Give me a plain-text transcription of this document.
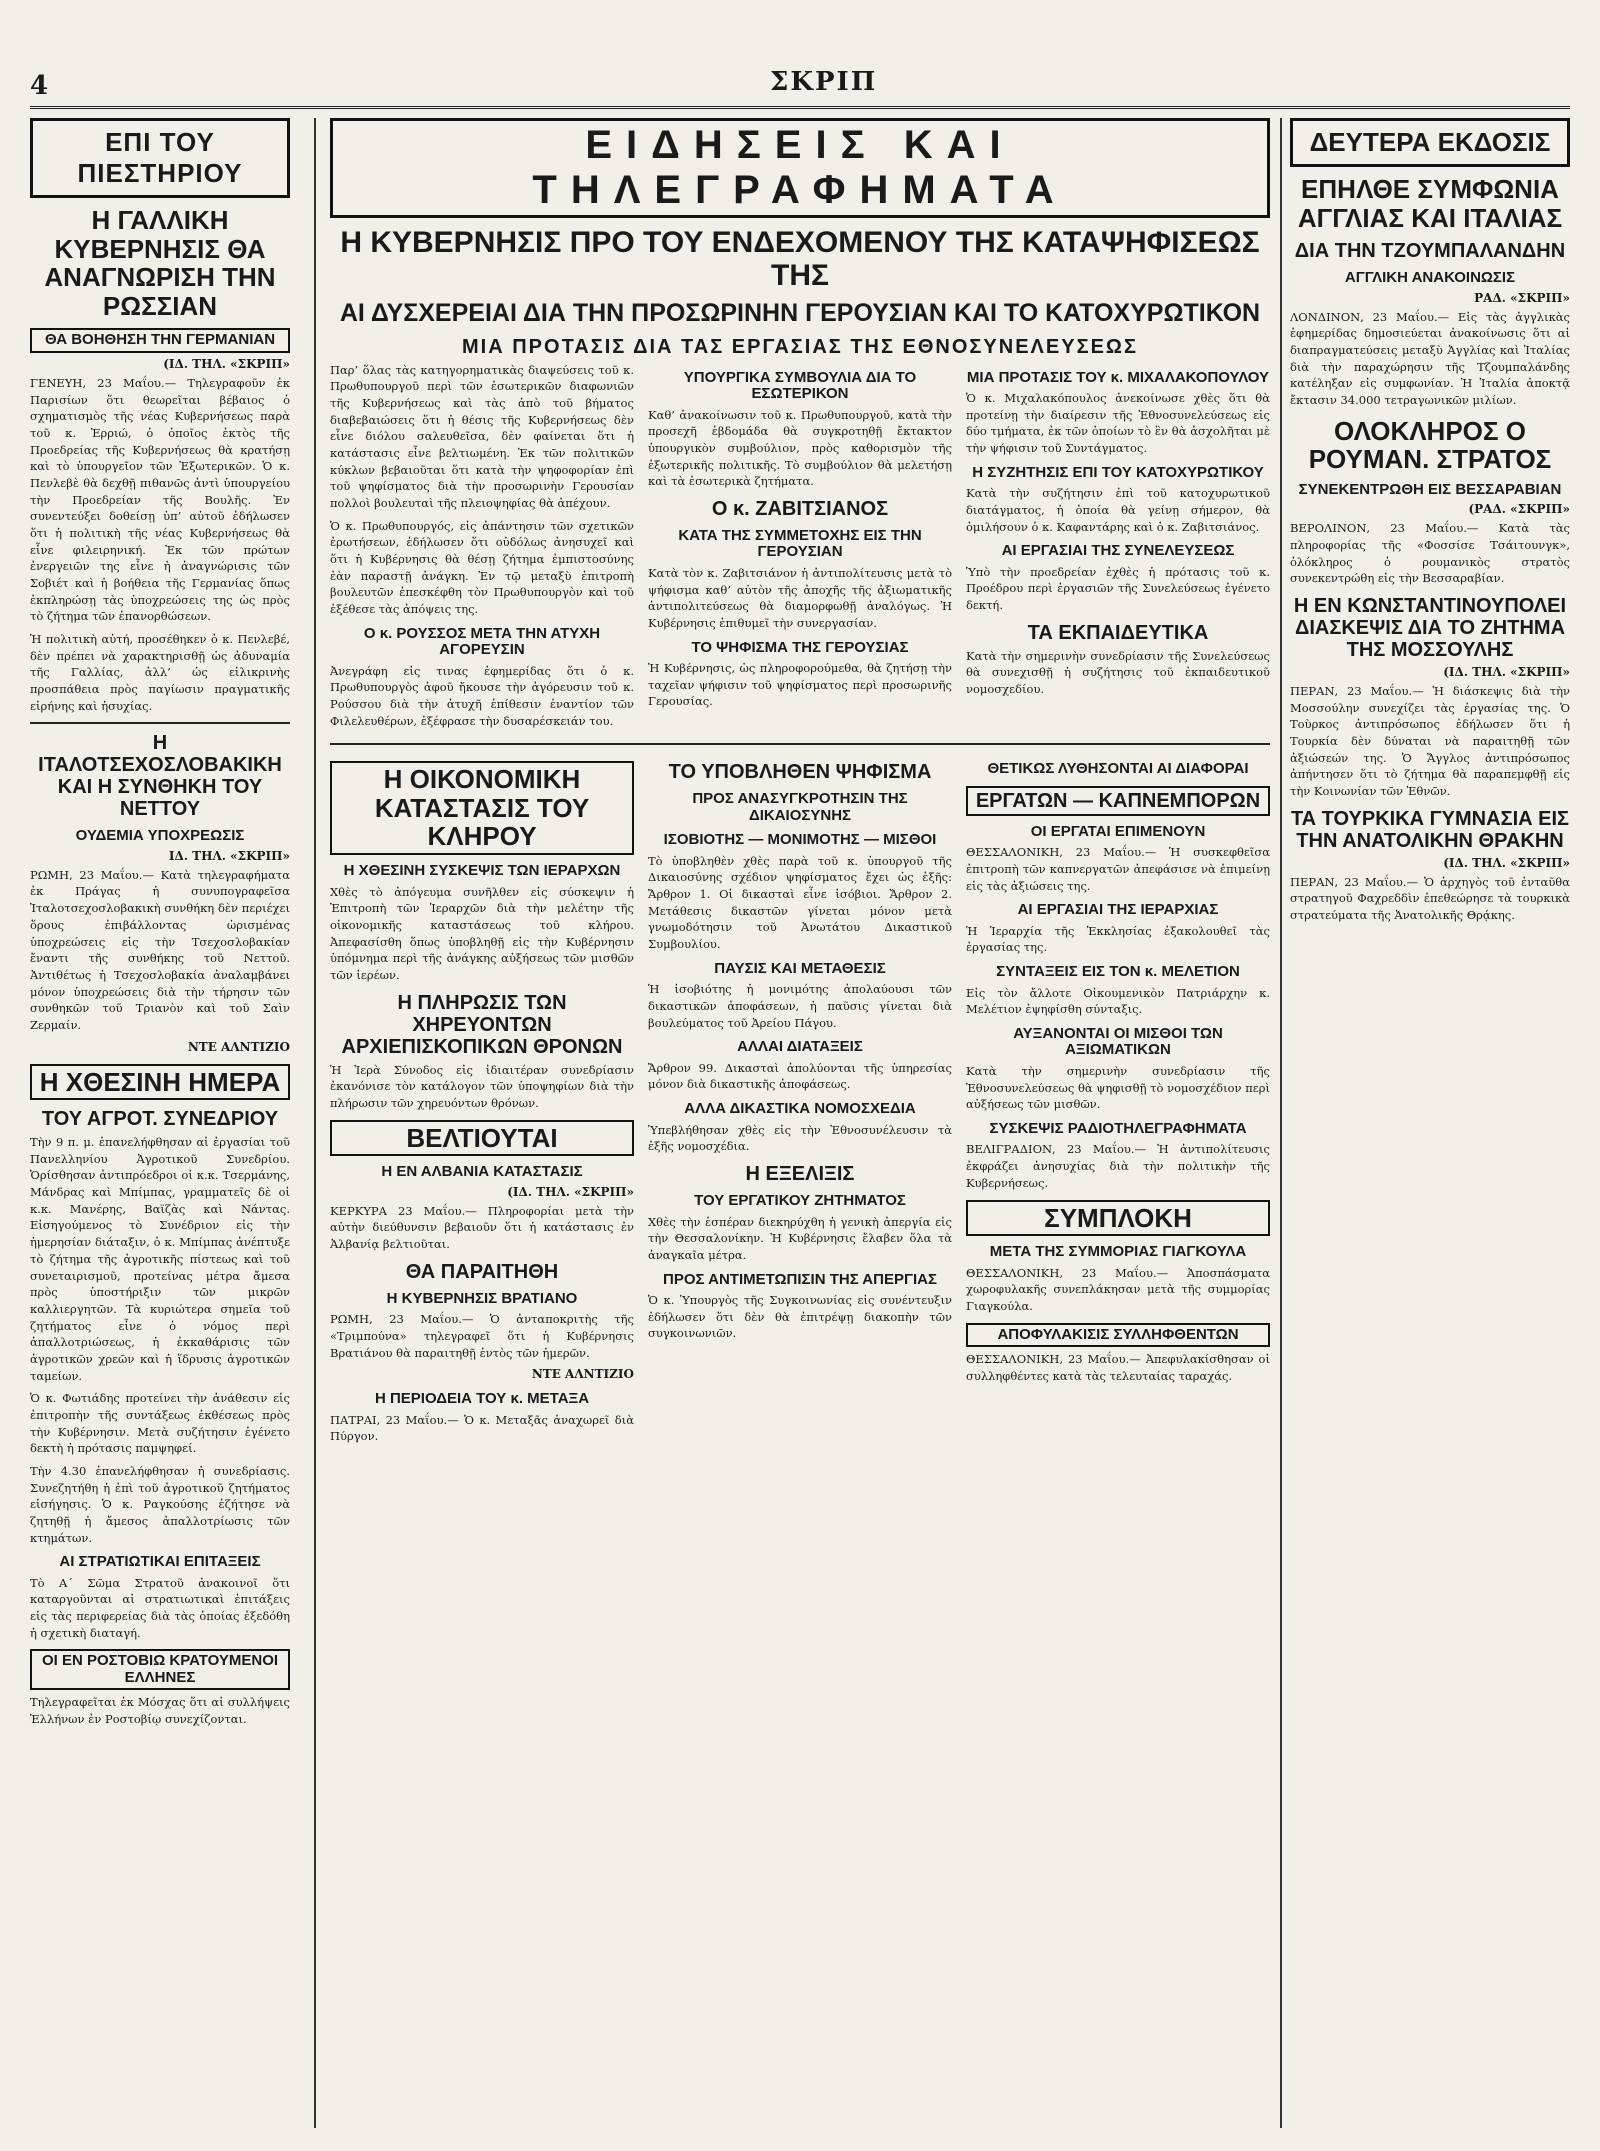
4	ΣΚΡΙΠ
ΕΠΙ ΤΟΥ ΠΙΕΣΤΗΡΙΟΥ
Η ΓΑΛΛΙΚΗ ΚΥΒΕΡΝΗΣΙΣ ΘΑ ΑΝΑΓΝΩΡΙΣΗ ΤΗΝ ΡΩΣΣΙΑΝ
ΘΑ ΒΟΗΘΗΣΗ ΤΗΝ ΓΕΡΜΑΝΙΑΝ
(ΙΔ. ΤΗΛ. «ΣΚΡΙΠ»

ΓΕΝΕΥΗ, 23 Μαΐου.— Τηλεγραφοῦν ἐκ Παρισίων ὅτι θεωρεῖται βέβαιος ὁ σχηματισμὸς τῆς νέας Κυβερνήσεως παρὰ τοῦ κ. Ἑρριώ, ὁ ὁποῖος ἐκτὸς τῆς Προεδρείας τῆς Κυβερνήσεως θὰ κρατήσῃ καὶ τὸ ὑπουργεῖον τῶν Ἐξωτερικῶν. Ὁ κ. Πενλεβὲ θὰ δεχθῇ πιθανῶς ἀντὶ ὑπουργείου τὴν Προεδρείαν τῆς Βουλῆς. Ἐν συνεντεύξει δοθείσῃ ὑπ’ αὐτοῦ ἐδήλωσεν ὅτι ἡ πολιτικὴ τῆς νέας Κυβερνήσεως θὰ εἶνε φιλειρηνική. Ἐκ τῶν πρώτων ἐνεργειῶν της εἶνε ἡ ἀναγνώρισις τῶν Σοβιέτ καὶ ἡ βοήθεια τῆς Γερμανίας ὅπως ἐκπληρώσῃ τὰς ὑποχρεώσεις της ὡς πρὸς τὸ ζήτημα τῶν ἐπανορθώσεων.

Ἡ πολιτικὴ αὐτή, προσέθηκεν ὁ κ. Πενλεβέ, δὲν πρέπει νὰ χαρακτηρισθῇ ὡς ἀδυναμία τῆς Γαλλίας, ἀλλ’ ὡς εἰλικρινὴς προσπάθεια πρὸς παγίωσιν πραγματικῆς εἰρήνης καὶ ἡσυχίας.

Η ΙΤΑΛΟΤΣΕΧΟΣΛΟΒΑΚΙΚΗ ΚΑΙ Η ΣΥΝΘΗΚΗ ΤΟΥ ΝΕΤΤΟΥ
ΟΥΔΕΜΙΑ ΥΠΟΧΡΕΩΣΙΣ
ΙΔ. ΤΗΛ. «ΣΚΡΙΠ»

ΡΩΜΗ, 23 Μαΐου.— Κατὰ τηλεγραφήματα ἐκ Πράγας ἡ συνυπογραφεῖσα Ἰταλοτσεχοσλοβακικὴ συνθήκη δὲν περιέχει ὅρους ἐπιβάλλοντας ὡρισμένας ὑποχρεώσεις εἰς τὴν Τσεχοσλοβακίαν ἔναντι τῆς συνθήκης τοῦ Νεττοῦ. Ἀντιθέτως ἡ Τσεχοσλοβακία ἀναλαμβάνει μόνον ὑποχρεώσεις διὰ τὴν τήρησιν τῶν συνθηκῶν τοῦ Τριανὸν καὶ τοῦ Σαὶν Ζερμαίν.

ΝΤΕ ΑΛΝΤΙΖΙΟ
Η ΧΘΕΣΙΝΗ ΗΜΕΡΑ
ΤΟΥ ΑΓΡΟΤ. ΣΥΝΕΔΡΙΟΥ

Τὴν 9 π. μ. ἐπανελήφθησαν αἱ ἐργασίαι τοῦ Πανελληνίου Ἀγροτικοῦ Συνεδρίου. Ὁρίσθησαν ἀντιπρόεδροι οἱ κ.κ. Τσερμάνης, Μάνδρας καὶ Μπίμπας, γραμματεῖς δὲ οἱ κ.κ. Μανέρης, Βαϊζὰς καὶ Νάντας. Εἰσηγούμενος τὸ Συνέδριον εἰς τὴν ἡμερησίαν διάταξιν, ὁ κ. Μπίμπας ἀνέπτυξε τὸ ζήτημα τῆς ἀγροτικῆς πίστεως καὶ τοῦ συνεταιρισμοῦ, προτείνας μέτρα ἄμεσα πρὸς ὑποστήριξιν τῶν μικρῶν καλλιεργητῶν. Τὰ κυριώτερα σημεῖα τοῦ ζητήματος εἶνε ὁ νόμος περὶ ἀπαλλοτριώσεως, ἡ ἐκκαθάρισις τῶν ἀγροτικῶν χρεῶν καὶ ἡ ἵδρυσις ἀγροτικῶν ταμείων.

Ὁ κ. Φωτιάδης προτείνει τὴν ἀνάθεσιν εἰς ἐπιτροπὴν τῆς συντάξεως ἐκθέσεως πρὸς τὴν Κυβέρνησιν. Μετὰ συζήτησιν ἐγένετο δεκτὴ ἡ πρότασις παμψηφεί.

Τὴν 4.30 ἐπανελήφθησαν ἡ συνεδρίασις. Συνεζητήθη ἡ ἐπὶ τοῦ ἀγροτικοῦ ζητήματος εἰσήγησις. Ὁ κ. Ραγκούσης ἐζήτησε νὰ ζητηθῇ ἡ ἄμεσος ἀπαλλοτρίωσις τῶν κτημάτων.

ΑΙ ΣΤΡΑΤΙΩΤΙΚΑΙ ΕΠΙΤΑΞΕΙΣ

Τὸ Α΄ Σῶμα Στρατοῦ ἀνακοινοῖ ὅτι καταργοῦνται αἱ στρατιωτικαὶ ἐπιτάξεις εἰς τὰς περιφερείας διὰ τὰς ὁποίας ἐξεδόθη ἡ σχετικὴ διαταγή.

ΟΙ ΕΝ ΡΟΣΤΟΒΙΩ ΚΡΑΤΟΥΜΕΝΟΙ ΕΛΛΗΝΕΣ

Τηλεγραφεῖται ἐκ Μόσχας ὅτι αἱ συλλήψεις Ἑλλήνων ἐν Ροστοβίῳ συνεχίζονται.

ΕΙΔΗΣΕΙΣ ΚΑΙ ΤΗΛΕΓΡΑΦΗΜΑΤΑ
Η ΚΥΒΕΡΝΗΣΙΣ ΠΡΟ ΤΟΥ ΕΝΔΕΧΟΜΕΝΟΥ ΤΗΣ ΚΑΤΑΨΗΦΙΣΕΩΣ ΤΗΣ
ΑΙ ΔΥΣΧΕΡΕΙΑΙ ΔΙΑ ΤΗΝ ΠΡΟΣΩΡΙΝΗΝ ΓΕΡΟΥΣΙΑΝ ΚΑΙ ΤΟ ΚΑΤΟΧΥΡΩΤΙΚΟΝ
ΜΙΑ ΠΡΟΤΑΣΙΣ ΔΙΑ ΤΑΣ ΕΡΓΑΣΙΑΣ ΤΗΣ ΕΘΝΟΣΥΝΕΛΕΥΣΕΩΣ

Παρ’ ὅλας τὰς κατηγορηματικὰς διαψεύσεις τοῦ κ. Πρωθυπουργοῦ περὶ τῶν ἐσωτερικῶν διαφωνιῶν τῆς Κυβερνήσεως καὶ τὰς ἀπὸ τοῦ βήματος διαβεβαιώσεις ὅτι ἡ θέσις τῆς Κυβερνήσεως δὲν εἶνε διόλου σαλευθεῖσα, δὲν φαίνεται ὅτι ἡ κατάστασις εἶνε βελτιωμένη. Ἐκ τῶν πολιτικῶν κύκλων βεβαιοῦται ὅτι κατὰ τὴν ψηφοφορίαν ἐπὶ τοῦ ψηφίσματος διὰ τὴν προσωρινὴν Γερουσίαν πολλοὶ βουλευταὶ τῆς πλειοψηφίας θὰ ἀπέχουν.

Ὁ κ. Πρωθυπουργός, εἰς ἀπάντησιν τῶν σχετικῶν ἐρωτήσεων, ἐδήλωσεν ὅτι οὐδόλως ἀνησυχεῖ καὶ ὅτι ἡ Κυβέρνησις θὰ θέσῃ ζήτημα ἐμπιστοσύνης ἐὰν παραστῇ ἀνάγκη. Ἐν τῷ μεταξὺ ἐπιτροπὴ βουλευτῶν ἐπεσκέφθη τὸν Πρωθυπουργὸν καὶ τοῦ ἐξέθεσε τὰς ἀπόψεις της.

Ο κ. ΡΟΥΣΣΟΣ ΜΕΤΑ ΤΗΝ ΑΤΥΧΗ ΑΓΟΡΕΥΣΙΝ

Ἀνεγράφη εἰς τινας ἐφημερίδας ὅτι ὁ κ. Πρωθυπουργὸς ἀφοῦ ἤκουσε τὴν ἀγόρευσιν τοῦ κ. Ρούσσου διὰ τὴν ἀτυχῆ ἐπίθεσιν ἐναντίον τῶν Φιλελευθέρων, ἐξέφρασε τὴν δυσαρέσκειάν του.

ΥΠΟΥΡΓΙΚΑ ΣΥΜΒΟΥΛΙΑ ΔΙΑ ΤΟ ΕΣΩΤΕΡΙΚΟΝ

Καθ’ ἀνακοίνωσιν τοῦ κ. Πρωθυπουργοῦ, κατὰ τὴν προσεχῆ ἑβδομάδα θὰ συγκροτηθῇ ἔκτακτον ὑπουργικὸν συμβούλιον, πρὸς καθορισμὸν τῆς ἐξωτερικῆς πολιτικῆς. Τὸ συμβούλιον θὰ μελετήσῃ καὶ τὰ ἐσωτερικὰ ζητήματα.

Ο κ. ΖΑΒΙΤΣΙΑΝΟΣ
ΚΑΤΑ ΤΗΣ ΣΥΜΜΕΤΟΧΗΣ ΕΙΣ ΤΗΝ ΓΕΡΟΥΣΙΑΝ

Κατὰ τὸν κ. Ζαβιτσιάνον ἡ ἀντιπολίτευσις μετὰ τὸ ψήφισμα καθ’ αὐτὸν τῆς ἀποχῆς τῆς ἀξιωματικῆς ἀντιπολιτεύσεως θὰ διαμορφωθῇ ἀναλόγως. Ἡ Κυβέρνησις ἐπιθυμεῖ τὴν συνεργασίαν.

ΤΟ ΨΗΦΙΣΜΑ ΤΗΣ ΓΕΡΟΥΣΙΑΣ

Ἡ Κυβέρνησις, ὡς πληροφορούμεθα, θὰ ζητήσῃ τὴν ταχεῖαν ψήφισιν τοῦ ψηφίσματος περὶ προσωρινῆς Γερουσίας.

ΜΙΑ ΠΡΟΤΑΣΙΣ ΤΟΥ κ. ΜΙΧΑΛΑΚΟΠΟΥΛΟΥ

Ὁ κ. Μιχαλακόπουλος ἀνεκοίνωσε χθὲς ὅτι θὰ προτείνῃ τὴν διαίρεσιν τῆς Ἐθνοσυνελεύσεως εἰς δύο τμήματα, ἐκ τῶν ὁποίων τὸ ἓν θὰ ἀσχολῆται μὲ τὴν ψήφισιν τοῦ Συντάγματος.

Η ΣΥΖΗΤΗΣΙΣ ΕΠΙ ΤΟΥ ΚΑΤΟΧΥΡΩΤΙΚΟΥ

Κατὰ τὴν συζήτησιν ἐπὶ τοῦ κατοχυρωτικοῦ διατάγματος, ἡ ὁποία θὰ γείνῃ σήμερον, θὰ ὁμιλήσουν ὁ κ. Καφαντάρης καὶ ὁ κ. Ζαβιτσιάνος.

ΑΙ ΕΡΓΑΣΙΑΙ ΤΗΣ ΣΥΝΕΛΕΥΣΕΩΣ

Ὑπὸ τὴν προεδρείαν ἐχθὲς ἡ πρότασις τοῦ κ. Προέδρου περὶ ἐργασιῶν τῆς Συνελεύσεως ἐγένετο δεκτή.

ΤΑ ΕΚΠΑΙΔΕΥΤΙΚΑ

Κατὰ τὴν σημερινὴν συνεδρίασιν τῆς Συνελεύσεως θὰ συνεχισθῇ ἡ συζήτησις τοῦ ἐκπαιδευτικοῦ νομοσχεδίου.

Η ΟΙΚΟΝΟΜΙΚΗ ΚΑΤΑΣΤΑΣΙΣ ΤΟΥ ΚΛΗΡΟΥ
Η ΧΘΕΣΙΝΗ ΣΥΣΚΕΨΙΣ ΤΩΝ ΙΕΡΑΡΧΩΝ

Χθὲς τὸ ἀπόγευμα συνῆλθεν εἰς σύσκεψιν ἡ Ἐπιτροπὴ τῶν Ἱεραρχῶν διὰ τὴν μελέτην τῆς οἰκονομικῆς καταστάσεως τοῦ κλήρου. Ἀπεφασίσθη ὅπως ὑποβληθῇ εἰς τὴν Κυβέρνησιν ὑπόμνημα περὶ τῆς ἀνάγκης αὐξήσεως τῶν μισθῶν τῶν ἱερέων.

Η ΠΛΗΡΩΣΙΣ ΤΩΝ ΧΗΡΕΥΟΝΤΩΝ ΑΡΧΙΕΠΙΣΚΟΠΙΚΩΝ ΘΡΟΝΩΝ

Ἡ Ἱερὰ Σύνοδος εἰς ἰδιαιτέραν συνεδρίασιν ἐκανόνισε τὸν κατάλογον τῶν ὑποψηφίων διὰ τὴν πλήρωσιν τῶν χηρευόντων θρόνων.

ΒΕΛΤΙΟΥΤΑΙ
Η ΕΝ ΑΛΒΑΝΙΑ ΚΑΤΑΣΤΑΣΙΣ
(ΙΔ. ΤΗΛ. «ΣΚΡΙΠ»

ΚΕΡΚΥΡΑ 23 Μαΐου.— Πληροφορίαι μετὰ τὴν αὐτὴν διεύθυνσιν βεβαιοῦν ὅτι ἡ κατάστασις ἐν Ἀλβανίᾳ βελτιοῦται.

ΘΑ ΠΑΡΑΙΤΗΘΗ
Η ΚΥΒΕΡΝΗΣΙΣ ΒΡΑΤΙΑΝΟ

ΡΩΜΗ, 23 Μαΐου.— Ὁ ἀνταποκριτὴς τῆς «Τριμπούνα» τηλεγραφεῖ ὅτι ἡ Κυβέρνησις Βρατιάνου θὰ παραιτηθῇ ἐντὸς τῶν ἡμερῶν.

ΝΤΕ ΑΛΝΤΙΖΙΟ
Η ΠΕΡΙΟΔΕΙΑ ΤΟΥ κ. ΜΕΤΑΞΑ

ΠΑΤΡΑΙ, 23 Μαΐου.— Ὁ κ. Μεταξᾶς ἀναχωρεῖ διὰ Πύργον.

ΤΟ ΥΠΟΒΛΗΘΕΝ ΨΗΦΙΣΜΑ
ΠΡΟΣ ΑΝΑΣΥΓΚΡΟΤΗΣΙΝ ΤΗΣ ΔΙΚΑΙΟΣΥΝΗΣ
ΙΣΟΒΙΟΤΗΣ — ΜΟΝΙΜΟΤΗΣ — ΜΙΣΘΟΙ

Τὸ ὑποβληθὲν χθὲς παρὰ τοῦ κ. ὑπουργοῦ τῆς Δικαιοσύνης σχέδιον ψηφίσματος ἔχει ὡς ἑξῆς: Ἄρθρον 1. Οἱ δικασταὶ εἶνε ἰσόβιοι. Ἄρθρον 2. Μετάθεσις δικαστῶν γίνεται μόνον μετὰ γνωμοδότησιν τοῦ Ἀνωτάτου Δικαστικοῦ Συμβουλίου.

ΠΑΥΣΙΣ ΚΑΙ ΜΕΤΑΘΕΣΙΣ

Ἡ ἰσοβιότης ἡ μονιμότης ἀπολαύουσι τῶν δικαστικῶν ἀποφάσεων, ἡ παῦσις γίνεται διὰ βουλεύματος τοῦ Ἀρείου Πάγου.

ΑΛΛΑΙ ΔΙΑΤΑΞΕΙΣ

Ἄρθρον 99. Δικασταὶ ἀπολύονται τῆς ὑπηρεσίας μόνον διὰ δικαστικῆς ἀποφάσεως.

ΑΛΛΑ ΔΙΚΑΣΤΙΚΑ ΝΟΜΟΣΧΕΔΙΑ

Ὑπεβλήθησαν χθὲς εἰς τὴν Ἐθνοσυνέλευσιν τὰ ἑξῆς νομοσχέδια.

Η ΕΞΕΛΙΞΙΣ
ΤΟΥ ΕΡΓΑΤΙΚΟΥ ΖΗΤΗΜΑΤΟΣ

Χθὲς τὴν ἑσπέραν διεκηρύχθη ἡ γενικὴ ἀπεργία εἰς τὴν Θεσσαλονίκην. Ἡ Κυβέρνησις ἔλαβεν ὅλα τὰ ἀναγκαῖα μέτρα.

ΠΡΟΣ ΑΝΤΙΜΕΤΩΠΙΣΙΝ ΤΗΣ ΑΠΕΡΓΙΑΣ

Ὁ κ. Ὑπουργὸς τῆς Συγκοινωνίας εἰς συνέντευξιν ἐδήλωσεν ὅτι δὲν θὰ ἐπιτρέψῃ διακοπὴν τῶν συγκοινωνιῶν.

ΘΕΤΙΚΩΣ ΛΥΘΗΣΟΝΤΑΙ ΑΙ ΔΙΑΦΟΡΑΙ
ΕΡΓΑΤΩΝ — ΚΑΠΝΕΜΠΟΡΩΝ
ΟΙ ΕΡΓΑΤΑΙ ΕΠΙΜΕΝΟΥΝ

ΘΕΣΣΑΛΟΝΙΚΗ, 23 Μαΐου.— Ἡ συσκεφθεῖσα ἐπιτροπὴ τῶν καπνεργατῶν ἀπεφάσισε νὰ ἐπιμείνῃ εἰς τὰς ἀξιώσεις της.

ΑΙ ΕΡΓΑΣΙΑΙ ΤΗΣ ΙΕΡΑΡΧΙΑΣ

Ἡ Ἱεραρχία τῆς Ἐκκλησίας ἐξακολουθεῖ τὰς ἐργασίας της.

ΣΥΝΤΑΞΕΙΣ ΕΙΣ ΤΟΝ κ. ΜΕΛΕΤΙΟΝ

Εἰς τὸν ἄλλοτε Οἰκουμενικὸν Πατριάρχην κ. Μελέτιον ἐψηφίσθη σύνταξις.

ΑΥΞΑΝΟΝΤΑΙ ΟΙ ΜΙΣΘΟΙ ΤΩΝ ΑΞΙΩΜΑΤΙΚΩΝ

Κατὰ τὴν σημερινὴν συνεδρίασιν τῆς Ἐθνοσυνελεύσεως θὰ ψηφισθῇ τὸ νομοσχέδιον περὶ αὐξήσεως τῶν μισθῶν.

ΣΥΣΚΕΨΙΣ ΡΑΔΙΟΤΗΛΕΓΡΑΦΗΜΑΤΑ

ΒΕΛΙΓΡΑΔΙΟΝ, 23 Μαΐου.— Ἡ ἀντιπολίτευσις ἐκφράζει ἀνησυχίας διὰ τὴν πολιτικὴν τῆς Κυβερνήσεως.

ΣΥΜΠΛΟΚΗ
ΜΕΤΑ ΤΗΣ ΣΥΜΜΟΡΙΑΣ ΓΙΑΓΚΟΥΛΑ

ΘΕΣΣΑΛΟΝΙΚΗ, 23 Μαΐου.— Ἀποσπάσματα χωροφυλακῆς συνεπλάκησαν μετὰ τῆς συμμορίας Γιαγκούλα.

ΑΠΟΦΥΛΑΚΙΣΙΣ ΣΥΛΛΗΦΘΕΝΤΩΝ

ΘΕΣΣΑΛΟΝΙΚΗ, 23 Μαΐου.— Ἀπεφυλακίσθησαν οἱ συλληφθέντες κατὰ τὰς τελευταίας ταραχάς.

ΔΕΥΤΕΡΑ ΕΚΔΟΣΙΣ
ΕΠΗΛΘΕ ΣΥΜΦΩΝΙΑ ΑΓΓΛΙΑΣ ΚΑΙ ΙΤΑΛΙΑΣ
ΔΙΑ ΤΗΝ ΤΖΟΥΜΠΑΛΑΝΔΗΝ
ΑΓΓΛΙΚΗ ΑΝΑΚΟΙΝΩΣΙΣ
ΡΑΔ. «ΣΚΡΙΠ»

ΛΟΝΔΙΝΟΝ, 23 Μαΐου.— Εἰς τὰς ἀγγλικὰς ἐφημερίδας δημοσιεύεται ἀνακοίνωσις ὅτι αἱ διαπραγματεύσεις μεταξὺ Ἀγγλίας καὶ Ἰταλίας διὰ τὴν παραχώρησιν τῆς Τζουμπαλάνδης κατέληξαν εἰς συμφωνίαν. Ἡ Ἰταλία ἀποκτᾷ ἔκτασιν 34.000 τετραγωνικῶν μιλίων.

ΟΛΟΚΛΗΡΟΣ Ο ΡΟΥΜΑΝ. ΣΤΡΑΤΟΣ
ΣΥΝΕΚΕΝΤΡΩΘΗ ΕΙΣ ΒΕΣΣΑΡΑΒΙΑΝ
(ΡΑΔ. «ΣΚΡΙΠ»

ΒΕΡΟΛΙΝΟΝ, 23 Μαΐου.— Κατὰ τὰς πληροφορίας τῆς «Φοσσίσε Τσάιτουνγκ», ὁλόκληρος ὁ ρουμανικὸς στρατὸς συνεκεντρώθη εἰς τὴν Βεσσαραβίαν.

Η ΕΝ ΚΩΝΣΤΑΝΤΙΝΟΥΠΟΛΕΙ ΔΙΑΣΚΕΨΙΣ ΔΙΑ ΤΟ ΖΗΤΗΜΑ ΤΗΣ ΜΟΣΣΟΥΛΗΣ
(ΙΔ. ΤΗΛ. «ΣΚΡΙΠ»

ΠΕΡΑΝ, 23 Μαΐου.— Ἡ διάσκεψις διὰ τὴν Μοσσούλην συνεχίζει τὰς ἐργασίας της. Ὁ Τοὺρκος ἀντιπρόσωπος ἐδήλωσεν ὅτι ἡ Τουρκία δὲν δύναται νὰ παραιτηθῇ τῶν ἀξιώσεών της. Ὁ Ἄγγλος ἀντιπρόσωπος ἀπήντησεν ὅτι τὸ ζήτημα θὰ παραπεμφθῇ εἰς τὴν Κοινωνίαν τῶν Ἐθνῶν.

ΤΑ ΤΟΥΡΚΙΚΑ ΓΥΜΝΑΣΙΑ ΕΙΣ ΤΗΝ ΑΝΑΤΟΛΙΚΗΝ ΘΡΑΚΗΝ
(ΙΔ. ΤΗΛ. «ΣΚΡΙΠ»

ΠΕΡΑΝ, 23 Μαΐου.— Ὁ ἀρχηγὸς τοῦ ἐνταῦθα στρατηγοῦ Φαχρεδδὶν ἐπεθεώρησε τὰ τουρκικὰ στρατεύματα τῆς Ἀνατολικῆς Θρᾴκης.
